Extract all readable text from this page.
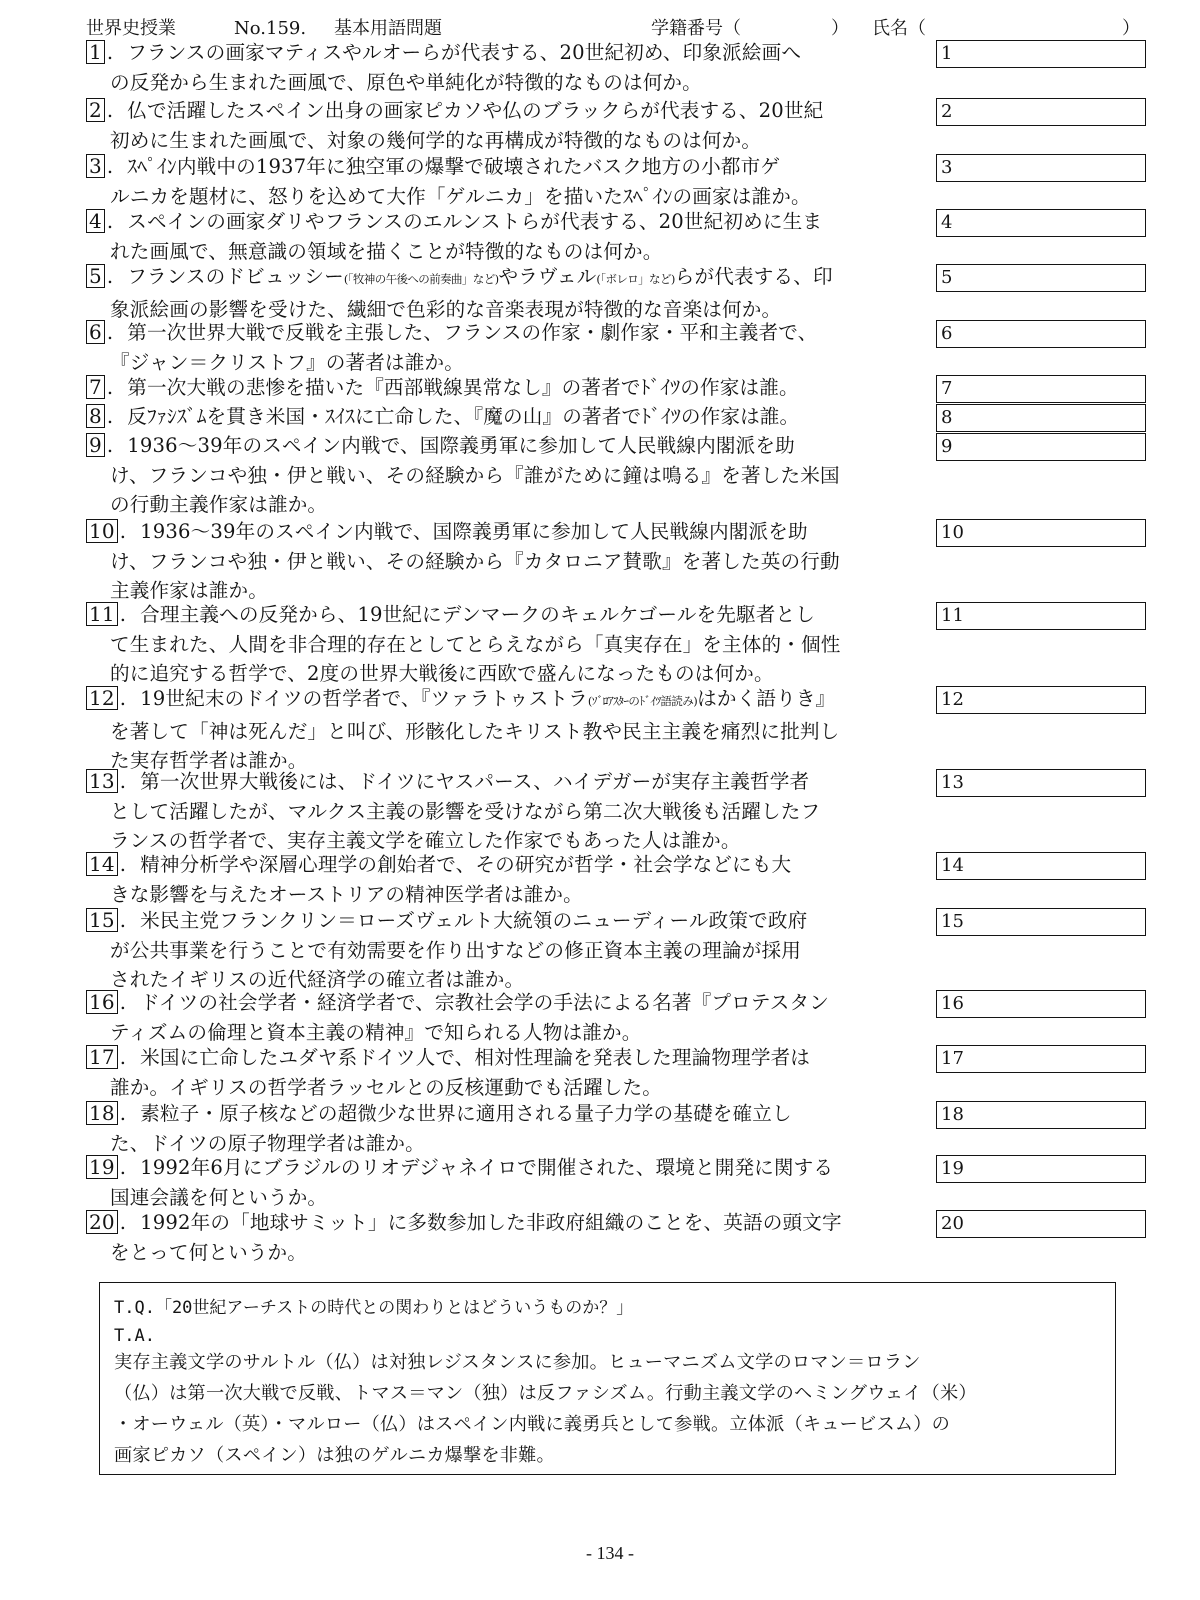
世界史授業	No.159. 基本用語問題	学籍番号（	） 氏名（	）
1 . フランスの画家マティスやルオーらが代表する、20世紀初め、印象派絵画へ
の反発から生まれた画風で、原色や単純化が特徴的なものは何か。
1
2 . 仏で活躍したスペイン出身の画家ピカソや仏のブラックらが代表する、20世紀
初めに生まれた画風で、対象の幾何学的な再構成が特徴的なものは何か。
2
3 . ｽﾍﾟｲﾝ内戦中の1937年に独空軍の爆撃で破壊されたバスク地方の小都市ゲ
ルニカを題材に、怒りを込めて大作「ゲルニカ」を描いたｽﾍﾟｲﾝの画家は誰か。
3
4 . スペインの画家ダリやフランスのエルンストらが代表する、20世紀初めに生ま
れた画風で、無意識の領域を描くことが特徴的なものは何か。
4
5 . フランスのドビュッシー(「牧神の午後への前奏曲」など)やラヴェル(「ボレロ」など)らが代表する、印
象派絵画の影響を受けた、繊細で色彩的な音楽表現が特徴的な音楽は何か。
5
6 . 第一次世界大戦で反戦を主張した、フランスの作家・劇作家・平和主義者で、
『ジャン＝クリストフ』の著者は誰か。
6
7 . 第一次大戦の悲惨を描いた『西部戦線異常なし』の著者でﾄﾞｲﾂの作家は誰。	7
8 . 反ﾌｧｼｽﾞﾑを貫き米国・ｽｲｽに亡命した、『魔の山』の著者でﾄﾞｲﾂの作家は誰。	8
9 . 1936～39年のスペイン内戦で、国際義勇軍に参加して人民戦線内閣派を助
け、フランコや独・伊と戦い、その経験から『誰がために鐘は鳴る』を著した米国
の行動主義作家は誰か。
9
10 . 1936～39年のスペイン内戦で、国際義勇軍に参加して人民戦線内閣派を助
け、フランコや独・伊と戦い、その経験から『カタロニア賛歌』を著した英の行動
主義作家は誰か。
10
11 . 合理主義への反発から、19世紀にデンマークのキェルケゴールを先駆者とし
て生まれた、人間を非合理的存在としてとらえながら「真実存在」を主体的・個性
的に追究する哲学で、2度の世界大戦後に西欧で盛んになったものは何か。
11
12 . 19世紀末のドイツの哲学者で、『ツァラトゥストラ(ｿﾞﾛｱｽﾀｰのﾄﾞｲﾂ語読み)はかく語りき』
を著して「神は死んだ」と叫び、形骸化したキリスト教や民主主義を痛烈に批判し
た実存哲学者は誰か。
12
13 . 第一次世界大戦後には、ドイツにヤスパース、ハイデガーが実存主義哲学者
として活躍したが、マルクス主義の影響を受けながら第二次大戦後も活躍したフ
ランスの哲学者で、実存主義文学を確立した作家でもあった人は誰か。
13
14 . 精神分析学や深層心理学の創始者で、その研究が哲学・社会学などにも大
きな影響を与えたオーストリアの精神医学者は誰か。
14
15 . 米民主党フランクリン＝ローズヴェルト大統領のニューディール政策で政府
が公共事業を行うことで有効需要を作り出すなどの修正資本主義の理論が採用
されたイギリスの近代経済学の確立者は誰か。
15
16 . ドイツの社会学者・経済学者で、宗教社会学の手法による名著『プロテスタン
ティズムの倫理と資本主義の精神』で知られる人物は誰か。
16
17 . 米国に亡命したユダヤ系ドイツ人で、相対性理論を発表した理論物理学者は
誰か。イギリスの哲学者ラッセルとの反核運動でも活躍した。
17
18 . 素粒子・原子核などの超微少な世界に適用される量子力学の基礎を確立し
た、ドイツの原子物理学者は誰か。
18
19 . 1992年6月にブラジルのリオデジャネイロで開催された、環境と開発に関する
国連会議を何というか。
19
20 . 1992年の「地球サミット」に多数参加した非政府組織のことを、英語の頭文字
をとって何というか。
20
T.Q.「20世紀アーチストの時代との関わりとはどういうものか？」
T.A.
実存主義文学のサルトル（仏）は対独レジスタンスに参加。ヒューマニズム文学のロマン＝ロラン
（仏）は第一次大戦で反戦、トマス＝マン（独）は反ファシズム。行動主義文学のヘミングウェイ（米）
・オーウェル（英）・マルロー（仏）はスペイン内戦に義勇兵として参戦。立体派（キュービスム）の
画家ピカソ（スペイン）は独のゲルニカ爆撃を非難。
- 134 -
